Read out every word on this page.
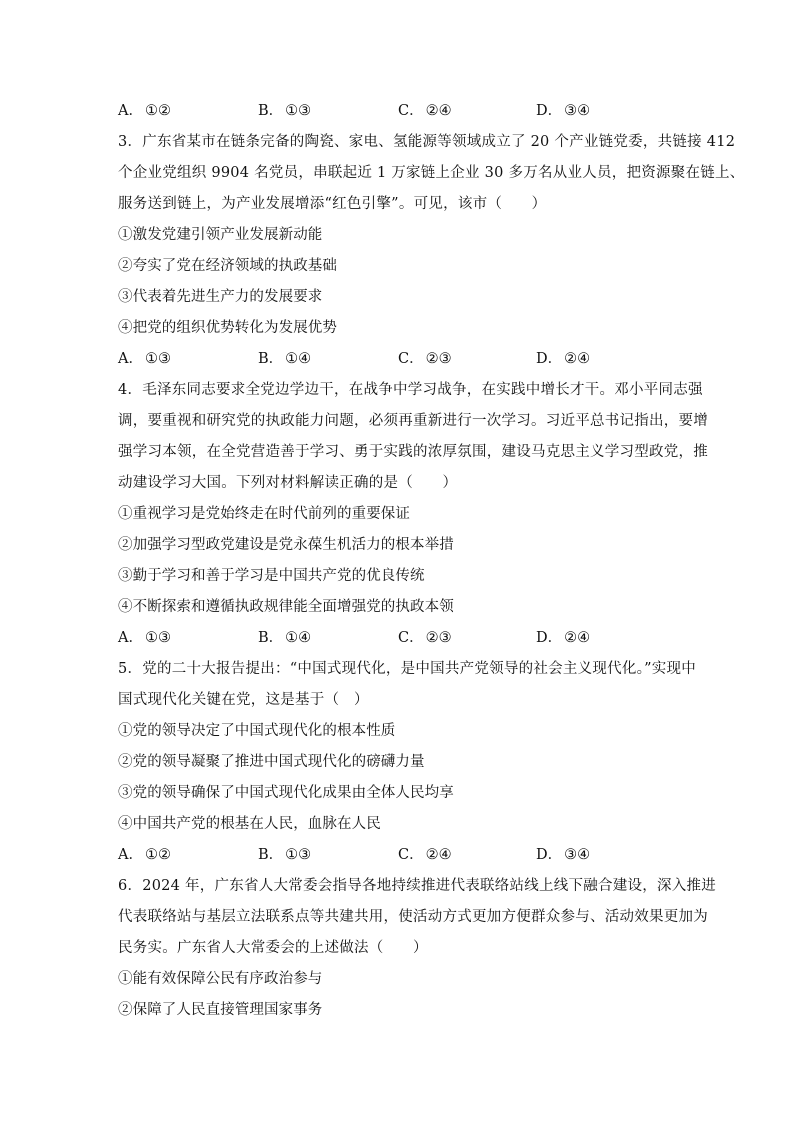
A． ①②	B． ①③	C． ②④	D． ③④
3．广东省某市在链条完备的陶瓷、家电、氢能源等领域成立了 20 个产业链党委，共链接 412
个企业党组织 9904 名党员，串联起近 1 万家链上企业 30 多万名从业人员，把资源聚在链上、
服务送到链上，为产业发展增添“红色引擎”。可见，该市（　　）
①激发党建引领产业发展新动能
②夸实了党在经济领域的执政基础
③代表着先进生产力的发展要求
④把党的组织优势转化为发展优势
A． ①③	B． ①④	C． ②③	D． ②④
4．毛泽东同志要求全党边学边干，在战争中学习战争，在实践中增长才干。邓小平同志强
调，要重视和研究党的执政能力问题，必须再重新进行一次学习。习近平总书记指出，要增
强学习本领，在全党营造善于学习、勇于实践的浓厚氛围，建设马克思主义学习型政党，推
动建设学习大国。下列对材料解读正确的是（　　）
①重视学习是党始终走在时代前列的重要保证
②加强学习型政党建设是党永葆生机活力的根本举措
③勤于学习和善于学习是中国共产党的优良传统
④不断探索和遵循执政规律能全面增强党的执政本领
A． ①③	B． ①④	C． ②③	D． ②④
5．党的二十大报告提出：“中国式现代化，是中国共产党领导的社会主义现代化。”实现中
国式现代化关键在党，这是基于（　）
①党的领导决定了中国式现代化的根本性质
②党的领导凝聚了推进中国式现代化的磅礴力量
③党的领导确保了中国式现代化成果由全体人民均享
④中国共产党的根基在人民，血脉在人民
A． ①②	B． ①③	C． ②④	D． ③④
6．2024 年，广东省人大常委会指导各地持续推进代表联络站线上线下融合建设，深入推进
代表联络站与基层立法联系点等共建共用，使活动方式更加方便群众参与、活动效果更加为
民务实。广东省人大常委会的上述做法（　　）
①能有效保障公民有序政治参与
②保障了人民直接管理国家事务
